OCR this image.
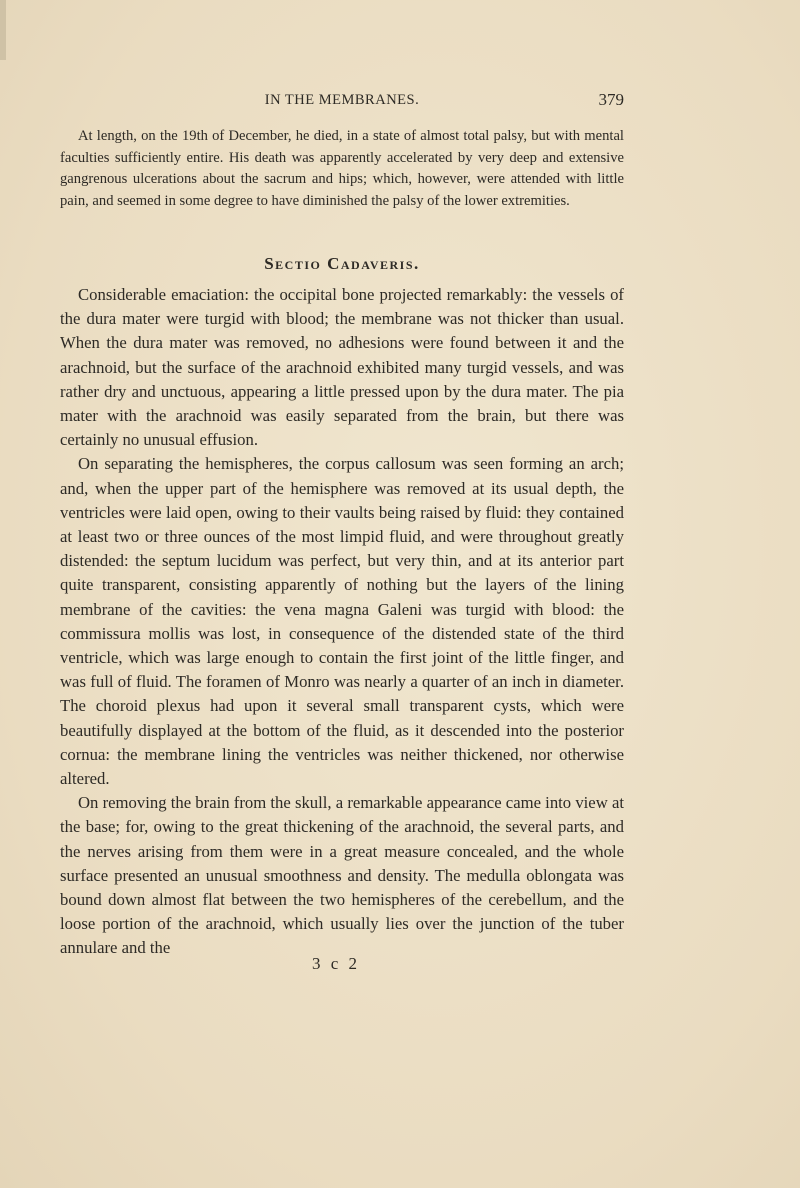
IN THE MEMBRANES.	379

At length, on the 19th of December, he died, in a state of almost total palsy, but with mental faculties sufficiently entire. His death was apparently accelerated by very deep and extensive gangrenous ulcerations about the sacrum and hips; which, however, were attended with little pain, and seemed in some degree to have diminished the palsy of the lower extremities.

Sectio Cadaveris.

Considerable emaciation: the occipital bone projected remarkably: the vessels of the dura mater were turgid with blood; the membrane was not thicker than usual. When the dura mater was removed, no adhesions were found between it and the arachnoid, but the surface of the arachnoid exhibited many turgid vessels, and was rather dry and unctuous, appearing a little pressed upon by the dura mater. The pia mater with the arachnoid was easily separated from the brain, but there was certainly no unusual effusion.

On separating the hemispheres, the corpus callosum was seen forming an arch; and, when the upper part of the hemisphere was removed at its usual depth, the ventricles were laid open, owing to their vaults being raised by fluid: they contained at least two or three ounces of the most limpid fluid, and were throughout greatly distended: the septum lucidum was perfect, but very thin, and at its anterior part quite transparent, consisting apparently of nothing but the layers of the lining membrane of the cavities: the vena magna Galeni was turgid with blood: the commissura mollis was lost, in consequence of the distended state of the third ventricle, which was large enough to contain the first joint of the little finger, and was full of fluid. The foramen of Monro was nearly a quarter of an inch in diameter. The choroid plexus had upon it several small transparent cysts, which were beautifully displayed at the bottom of the fluid, as it descended into the posterior cornua: the membrane lining the ventricles was neither thickened, nor otherwise altered.

On removing the brain from the skull, a remarkable appearance came into view at the base; for, owing to the great thickening of the arachnoid, the several parts, and the nerves arising from them were in a great measure concealed, and the whole surface presented an unusual smoothness and density. The medulla oblongata was bound down almost flat between the two hemispheres of the cerebellum, and the loose portion of the arachnoid, which usually lies over the junction of the tuber annulare and the

3 c 2
